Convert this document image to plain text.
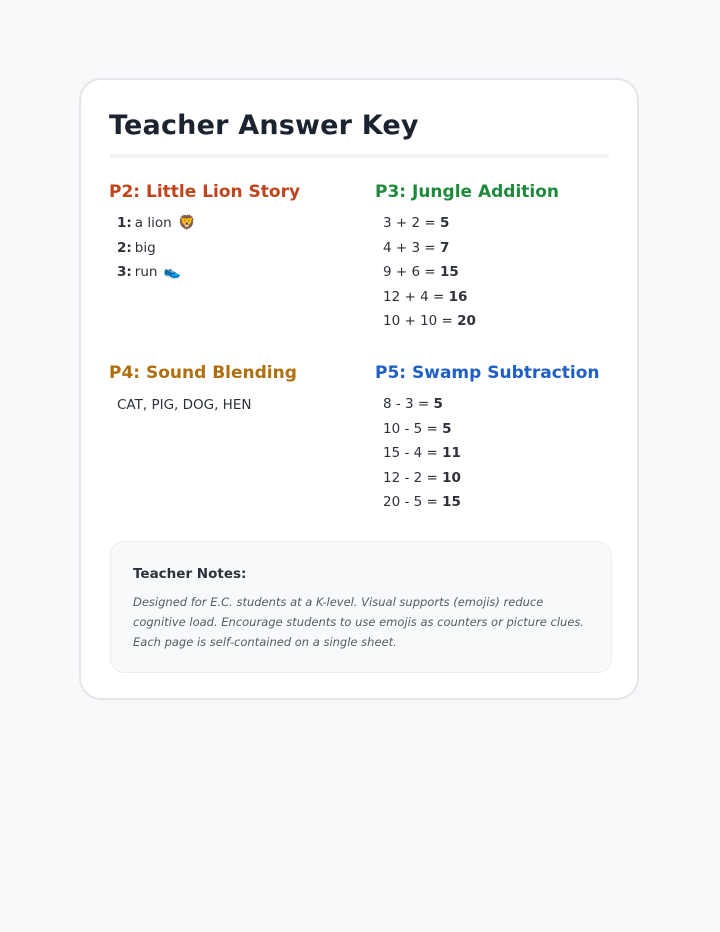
Teacher Answer Key
P2: Little Lion Story
1: a lion 🦁
2: big
3: run 👟
P3: Jungle Addition
3 + 2 = 5
4 + 3 = 7
9 + 6 = 15
12 + 4 = 16
10 + 10 = 20
P4: Sound Blending
CAT, PIG, DOG, HEN
P5: Swamp Subtraction
8 - 3 = 5
10 - 5 = 5
15 - 4 = 11
12 - 2 = 10
20 - 5 = 15
Teacher Notes:

Designed for E.C. students at a K-level. Visual supports (emojis) reduce cognitive load. Encourage students to use emojis as counters or picture clues. Each page is self-contained on a single sheet.
